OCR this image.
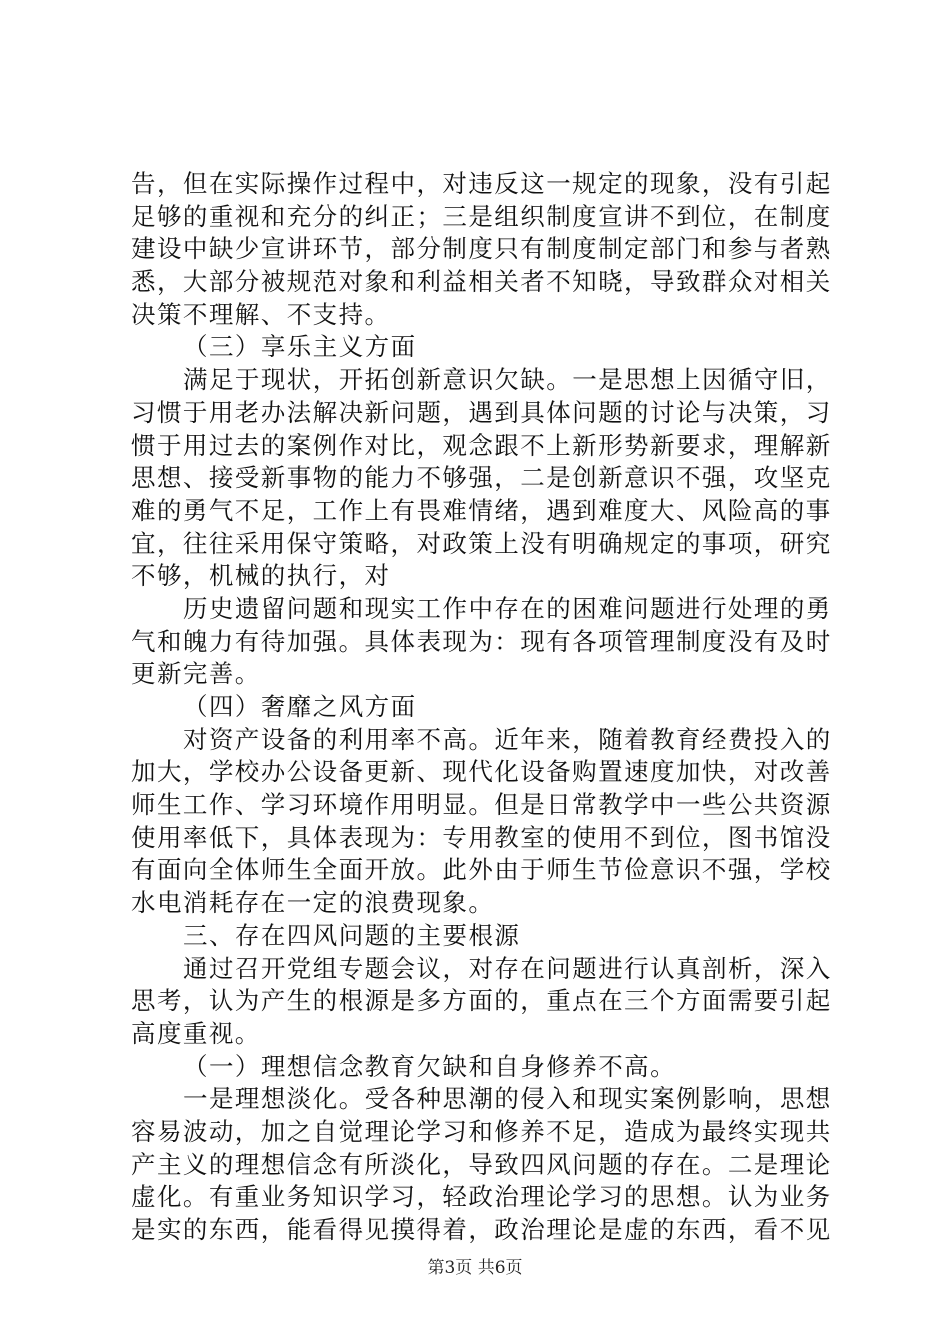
告，但在实际操作过程中，对违反这一规定的现象，没有引起
足够的重视和充分的纠正；三是组织制度宣讲不到位，在制度
建设中缺少宣讲环节，部分制度只有制度制定部门和参与者熟
悉，大部分被规范对象和利益相关者不知晓，导致群众对相关
决策不理解、不支持。
（三）享乐主义方面
满足于现状，开拓创新意识欠缺。一是思想上因循守旧，
习惯于用老办法解决新问题，遇到具体问题的讨论与决策，习
惯于用过去的案例作对比，观念跟不上新形势新要求，理解新
思想、接受新事物的能力不够强，二是创新意识不强，攻坚克
难的勇气不足，工作上有畏难情绪，遇到难度大、风险高的事
宜，往往采用保守策略，对政策上没有明确规定的事项，研究
不够，机械的执行，对
历史遗留问题和现实工作中存在的困难问题进行处理的勇
气和魄力有待加强。具体表现为：现有各项管理制度没有及时
更新完善。
（四）奢靡之风方面
对资产设备的利用率不高。近年来，随着教育经费投入的
加大，学校办公设备更新、现代化设备购置速度加快，对改善
师生工作、学习环境作用明显。但是日常教学中一些公共资源
使用率低下，具体表现为：专用教室的使用不到位，图书馆没
有面向全体师生全面开放。此外由于师生节俭意识不强，学校
水电消耗存在一定的浪费现象。
三、存在四风问题的主要根源
通过召开党组专题会议，对存在问题进行认真剖析，深入
思考，认为产生的根源是多方面的，重点在三个方面需要引起
高度重视。
（一）理想信念教育欠缺和自身修养不高。
一是理想淡化。受各种思潮的侵入和现实案例影响，思想
容易波动，加之自觉理论学习和修养不足，造成为最终实现共
产主义的理想信念有所淡化，导致四风问题的存在。二是理论
虚化。有重业务知识学习，轻政治理论学习的思想。认为业务
是实的东西，能看得见摸得着，政治理论是虚的东西，看不见
第3页 共6页
